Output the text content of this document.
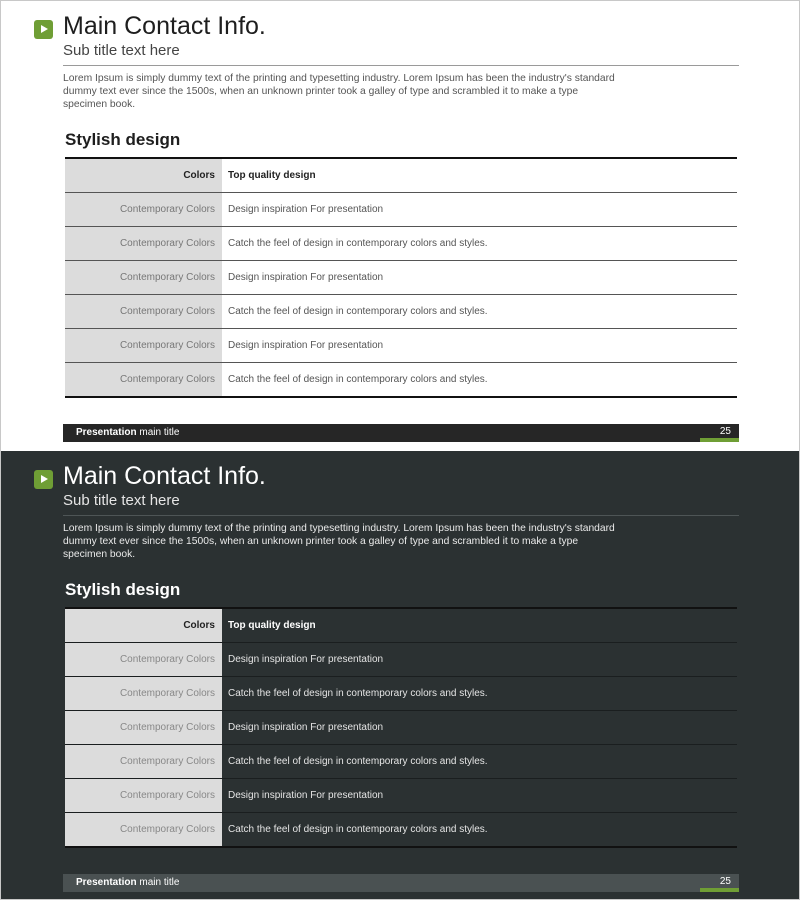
Main Contact Info.
Sub title text here
Lorem Ipsum is simply dummy text of the printing and typesetting industry. Lorem Ipsum has been the industry's standard dummy text ever since the 1500s, when an unknown printer took a galley of type and scrambled it to make a type specimen book.
Stylish design
Colors	Top quality design
Contemporary Colors	Design inspiration For presentation
Contemporary Colors	Catch the feel of design in contemporary colors and styles.
Contemporary Colors	Design inspiration For presentation
Contemporary Colors	Catch the feel of design in contemporary colors and styles.
Contemporary Colors	Design inspiration For presentation
Contemporary Colors	Catch the feel of design in contemporary colors and styles.
Presentation main title	25
Main Contact Info.
Sub title text here
Lorem Ipsum is simply dummy text of the printing and typesetting industry. Lorem Ipsum has been the industry's standard dummy text ever since the 1500s, when an unknown printer took a galley of type and scrambled it to make a type specimen book.
Stylish design
Colors	Top quality design
Contemporary Colors	Design inspiration For presentation
Contemporary Colors	Catch the feel of design in contemporary colors and styles.
Contemporary Colors	Design inspiration For presentation
Contemporary Colors	Catch the feel of design in contemporary colors and styles.
Contemporary Colors	Design inspiration For presentation
Contemporary Colors	Catch the feel of design in contemporary colors and styles.
Presentation main title	25
